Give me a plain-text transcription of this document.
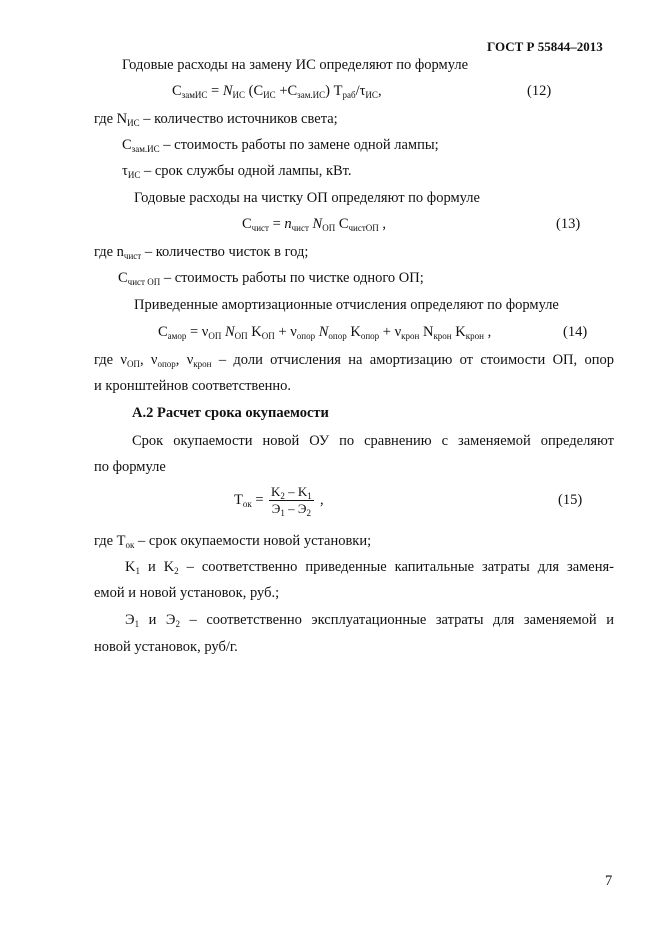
ГОСТ Р 55844–2013
Годовые расходы на замену ИС определяют по формуле
$C_{замИС} = N_{ИС}$ $(C_{ИС} +C_{зам.ИС})$ $T_{раб}/\tau_{ИС}$,	(12)
где $N_{ИС}$ – количество источников света;
$C_{зам.ИС}$ – стоимость работы по замене одной лампы;
$\tau_{ИС}$ – срок службы одной лампы, кВт.
Годовые расходы на чистку ОП определяют по формуле
$C_{чист} = n_{чист}$ $N_{ОП}$ $C_{чистОП}$ ,	(13)
где $n_{чист}$ – количество чисток в год;
$C_{чист ОП}$ – стоимость работы по чистке одного ОП;
Приведенные амортизационные отчисления определяют по формуле
$C_{амор} = \nu_{ОП}$ $N_{ОП}$ $K_{ОП} + \nu_{опор}$ $N_{опор}$ $K_{опор} + \nu_{крон}$ $N_{крон}$ $K_{крон}$ ,	(14)
где $\nu_{ОП}$, $\nu_{опор}$, $\nu_{крон}$ – доли отчисления на амортизацию от стоимости ОП, опор
и кронштейнов соответственно.
А.2 Расчет срока окупаемости
Срок окупаемости новой ОУ по сравнению с заменяемой определяют
по формуле
$T_{ок}$ =
$K_2 - K_1$
$Э_1 - Э_2$
,	(15)
где $T_{ок}$ – срок окупаемости новой установки;
$K_1$ и $K_2$ – соответственно приведенные капитальные затраты для заменя-
емой и новой установок, руб.;
$Э_1$ и $Э_2$ – соответственно эксплуатационные затраты для заменяемой и
новой установок, руб/г.
7
